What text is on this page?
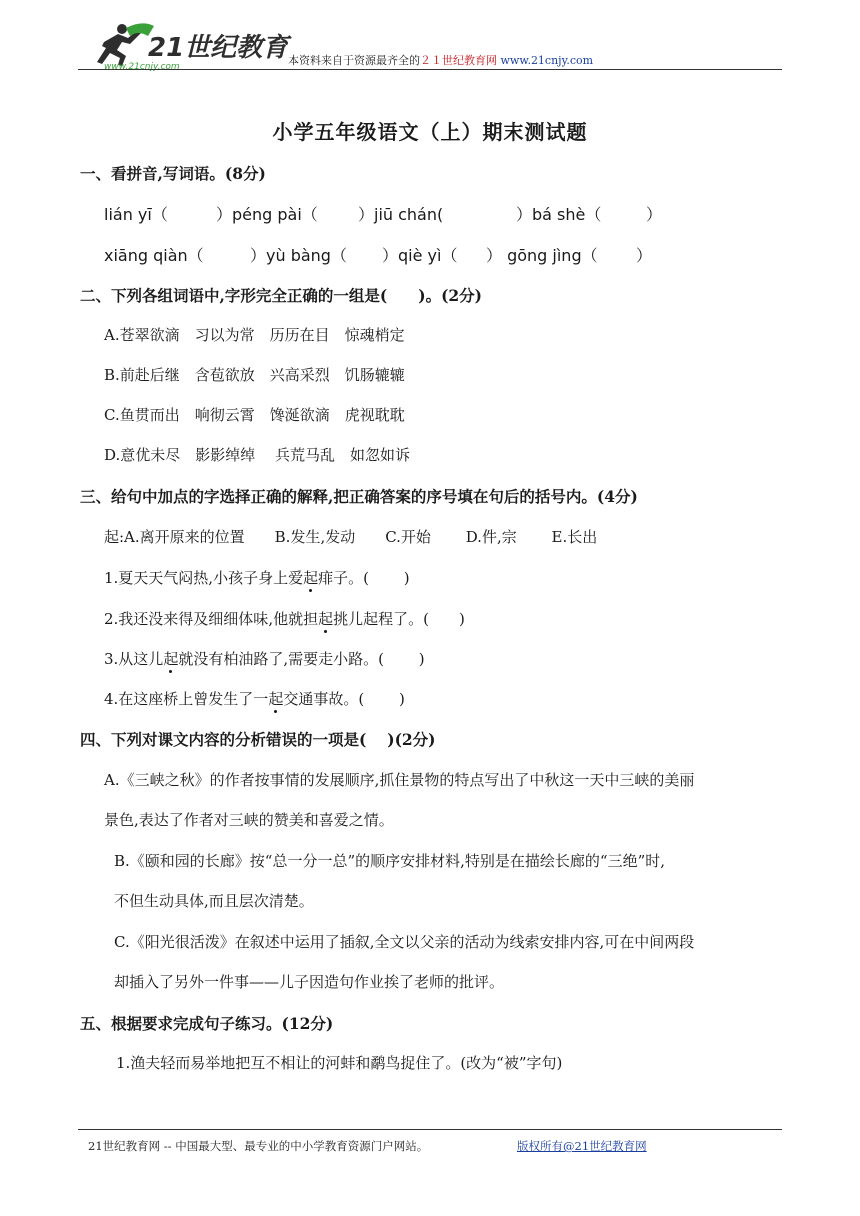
21世纪教育
www.21cnjy.com	本资料来自于资源最齐全的２１世纪教育网 www.21cnjy.com
小学五年级语文（上）期末测试题
一、看拼音,写词语。(8分)
lián yī（	）péng pài（	）jiū chán(	）bá shè（	）
xiāng qiàn（	）yù bàng（ ）qiè yì（ ） gōng jìng（ ）
二、下列各组词语中,字形完全正确的一组是(　　)。(2分)
A.苍翠欲滴　习以为常　历历在目　惊魂梢定
B.前赴后继　含苞欲放　兴高采烈　饥肠辘辘
C.鱼贯而出　响彻云霄　馋涎欲滴　虎视耽耽
D.意优未尽　影影绰绰　 兵荒马乱　如忽如诉
三、给句中加点的字选择正确的解释,把正确答案的序号填在句后的括号内。(4分)
起:A.离开原来的位置　　B.发生,发动　　C.开始　　 D.件,宗　　 E.长出
1.夏天天气闷热,小孩子身上爱起痱子。(　　 )
2.我还没来得及细细体味,他就担起挑儿起程了。(　　)
3.从这儿起就没有柏油路了,需要走小路。(　　 )
4.在这座桥上曾发生了一起交通事故。(　　 )
四、下列对课文内容的分析错误的一项是(　 )(2分)
A.《三峡之秋》的作者按事情的发展顺序,抓住景物的特点写出了中秋这一天中三峡的美丽
景色,表达了作者对三峡的赞美和喜爱之情。
B.《颐和园的长廊》按“总一分一总”的顺序安排材料,特别是在描绘长廊的“三绝”时,
不但生动具体,而且层次清楚。
C.《阳光很活泼》在叙述中运用了插叙,全文以父亲的活动为线索安排内容,可在中间两段
却插入了另外一件事——儿子因造句作业挨了老师的批评。
五、根据要求完成句子练习。(12分)
1.渔夫轻而易举地把互不相让的河蚌和鹬鸟捉住了。(改为“被”字句)
21世纪教育网 -- 中国最大型、最专业的中小学教育资源门户网站。	版权所有@21世纪教育网
